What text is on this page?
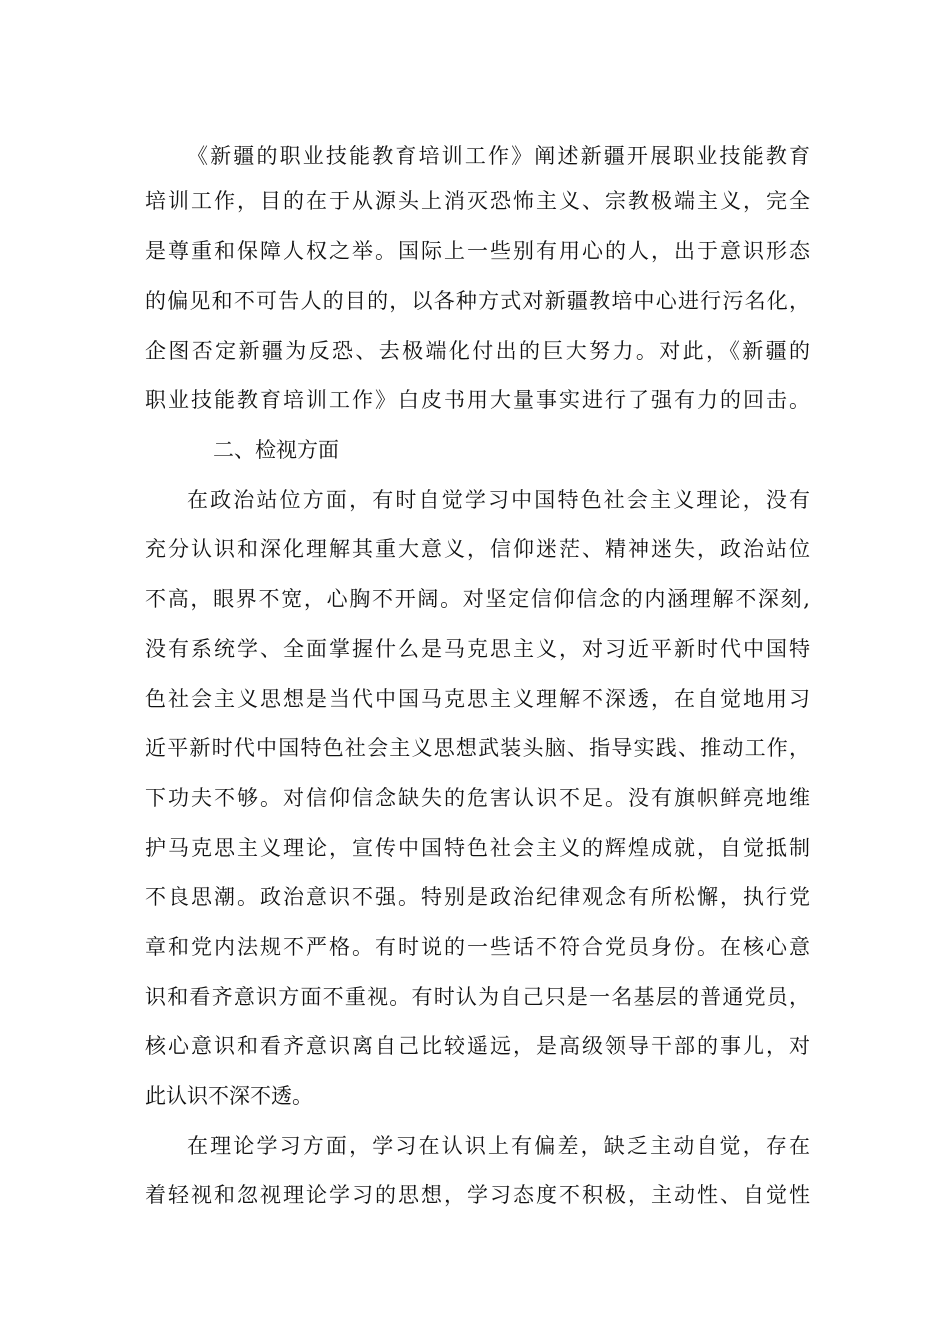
《新疆的职业技能教育培训工作》阐述新疆开展职业技能教育
培训工作，目的在于从源头上消灭恐怖主义、宗教极端主义，完全
是尊重和保障人权之举。国际上一些别有用心的人，出于意识形态
的偏见和不可告人的目的，以各种方式对新疆教培中心进行污名化，
企图否定新疆为反恐、去极端化付出的巨大努力。对此，《新疆的
职业技能教育培训工作》白皮书用大量事实进行了强有力的回击。
二、检视方面
在政治站位方面，有时自觉学习中国特色社会主义理论，没有
充分认识和深化理解其重大意义，信仰迷茫、精神迷失，政治站位
不高，眼界不宽，心胸不开阔。对坚定信仰信念的内涵理解不深刻,
没有系统学、全面掌握什么是马克思主义，对习近平新时代中国特
色社会主义思想是当代中国马克思主义理解不深透，在自觉地用习
近平新时代中国特色社会主义思想武装头脑、指导实践、推动工作，
下功夫不够。对信仰信念缺失的危害认识不足。没有旗帜鲜亮地维
护马克思主义理论，宣传中国特色社会主义的辉煌成就，自觉抵制
不良思潮。政治意识不强。特别是政治纪律观念有所松懈，执行党
章和党内法规不严格。有时说的一些话不符合党员身份。在核心意
识和看齐意识方面不重视。有时认为自己只是一名基层的普通党员，
核心意识和看齐意识离自己比较遥远，是高级领导干部的事儿，对
此认识不深不透。
在理论学习方面，学习在认识上有偏差，缺乏主动自觉，存在
着轻视和忽视理论学习的思想，学习态度不积极，主动性、自觉性
